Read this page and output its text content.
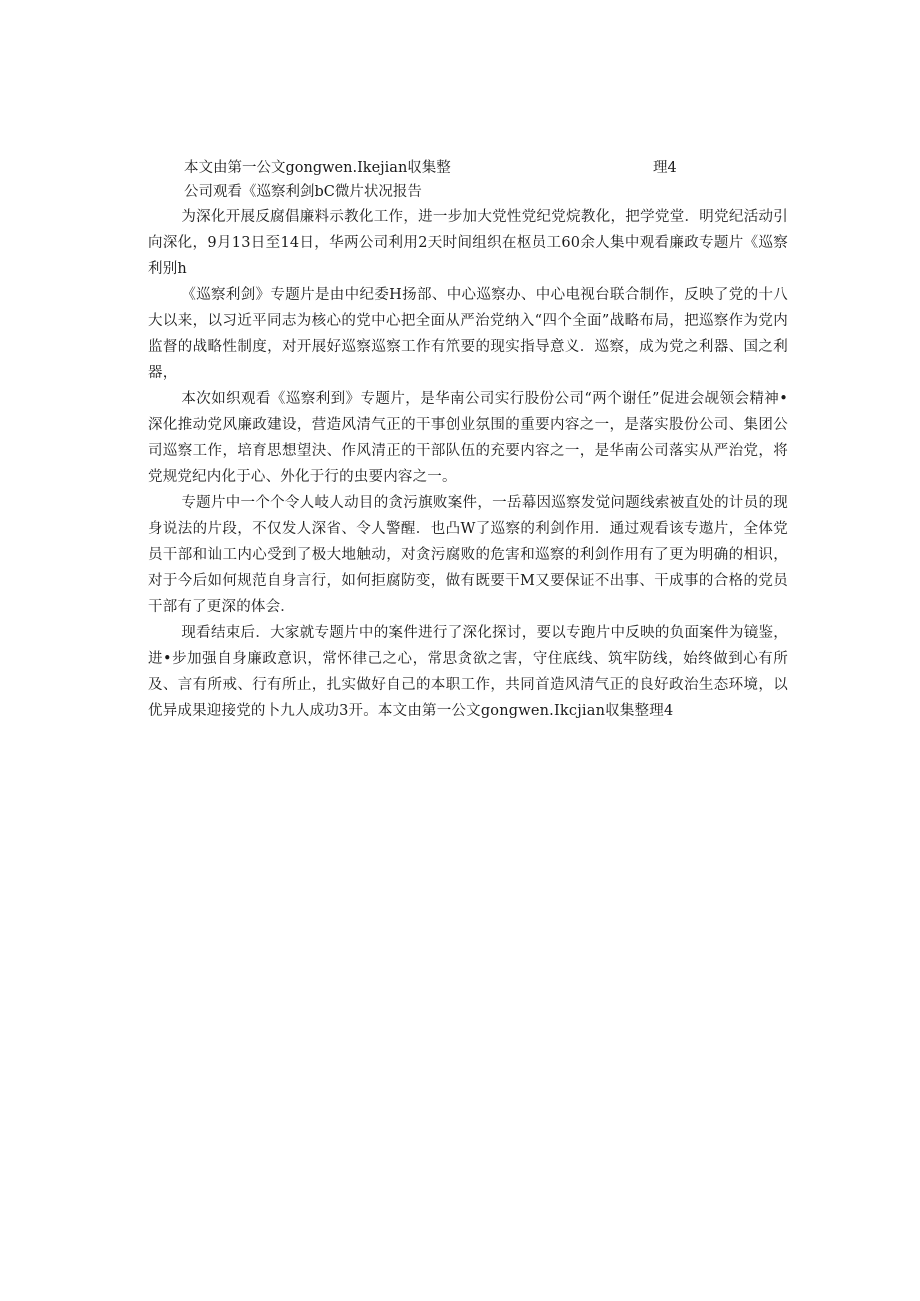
本文由第一公文gongwen.Ikejian収集整	理4
公司观看《巡察利剑bC微片状况报告

为深化开展反腐倡廉料示教化工作，进一步加大党性党纪党烷教化，把学党堂．明党纪活动引向深化，9月13日至14日，华两公司利用2天时间组织在枢员工60余人集中观看廉政专题片《巡察利别h

《巡察利剑》专题片是由中纪委H扬部、中心巡察办、中心电视台联合制作，反映了党的十八大以来，以习近平同志为核心的党中心把全面从严治党纳入“四个全面”战略布局，把巡察作为党内监督的战略性制度，对开展好巡察巡察工作有笊要的现实指导意义．巡察，成为党之利器、国之利器，

本次如织观看《巡察利到》专题片，是华南公司实行股份公司“两个谢任”促进会觇领会精神•深化推动党风廉政建设，营造风清气正的干事创业氛围的重要内容之一，是落实股份公司、集团公司巡察工作，培育思想望決、作风清正的干部队伍的充要内容之一，是华南公司落实从严治党，将党规党纪内化于心、外化于行的虫要内容之一。

专题片中一个个令人岐人动目的贪污旗败案件，一岳幕因巡察发觉问题线索被直处的计员的现身说法的片段，不仅发人深省、令人警醒．也凸W了巡察的利剑作用．通过观看该专遨片，全体党员干部和讪工内心受到了极大地触动，对贪污腐败的危害和巡察的利剑作用有了更为明确的相识，对于今后如何规范自身言行，如何拒腐防变，做有既要干M又要保证不出事、干成事的合格的党员干部有了更深的体会．

现看结束后．大家就专题片中的案件进行了深化探讨，要以专跑片中反映的负面案件为镜鉴，进•步加强自身廉政意识，常怀律己之心，常思贪欲之害，守住底线、筑牢防线，始终做到心有所及、言有所戒、行有所止，扎实做好自己的本职工作，共同首造风清气正的良好政治生态环境，以优异成果迎接党的卜九人成功3开。本文由第一公文gongwen.Ikcjian収集整理4
